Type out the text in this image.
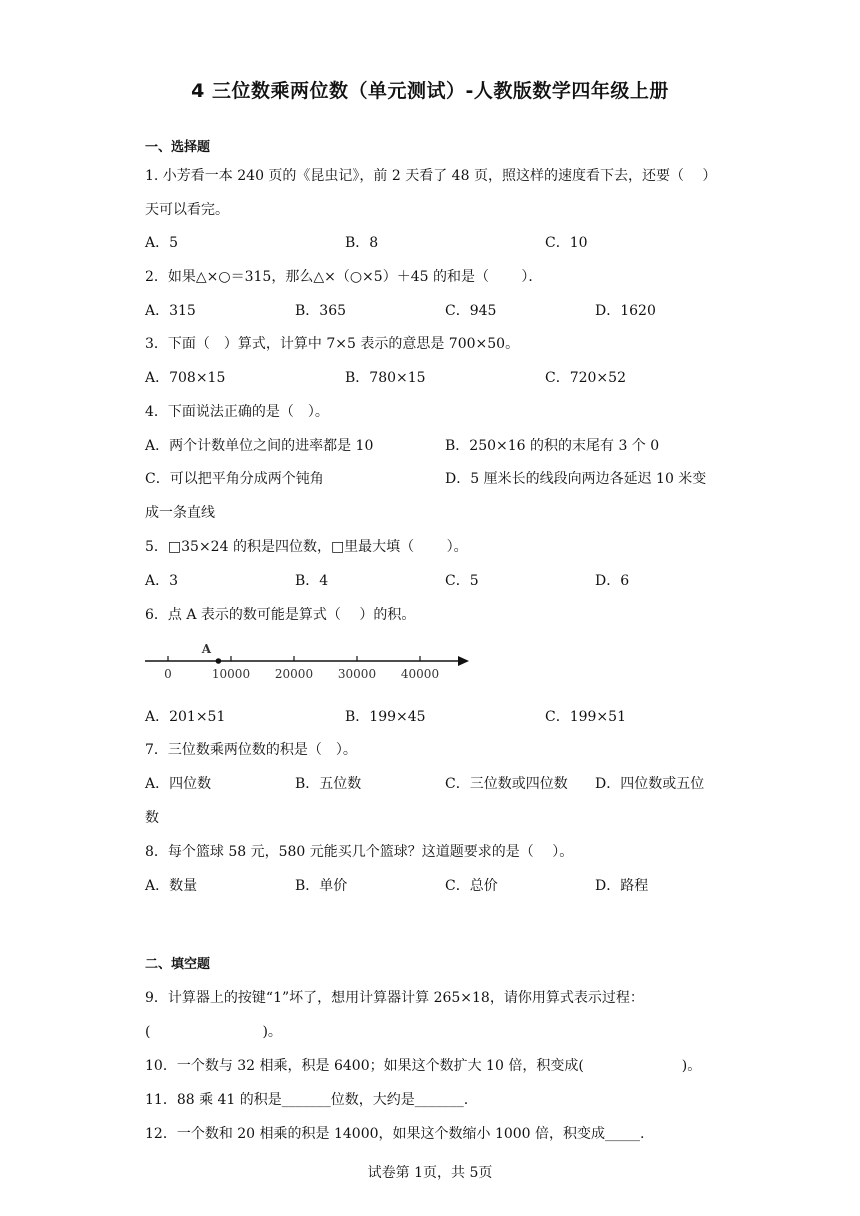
4 三位数乘两位数（单元测试）-人教版数学四年级上册
一、选择题
1. 小芳看一本 240 页的《昆虫记》，前 2 天看了 48 页，照这样的速度看下去，还要（　 ）
天可以看完。
A．5	B．8	C．10
2．如果△×○＝315，那么△×（○×5）＋45 的和是（　　 ）．
A．315	B．365	C．945	D．1620
3．下面（　）算式，计算中 7×5 表示的意思是 700×50。
A．708×15	B．780×15	C．720×52
4．下面说法正确的是（　）。
A．两个计数单位之间的进率都是 10	B．250×16 的积的末尾有 3 个 0
C．可以把平角分成两个钝角	D．5 厘米长的线段向两边各延迟 10 米变
成一条直线
5．□35×24 的积是四位数，□里最大填（　　 ）。
A．3	B．4	C．5	D．6
6．点 A 表示的数可能是算式（　 ）的积。
0	10000 20000 30000 40000
A
A．201×51	B．199×45	C．199×51
7．三位数乘两位数的积是（　）。
A．四位数	B．五位数	C．三位数或四位数 D．四位数或五位
数
8．每个篮球 58 元，580 元能买几个篮球？这道题要求的是（　 ）。
A．数量	B．单价	C．总价	D．路程
二、填空题
9．计算器上的按键“1”坏了，想用计算器计算 265×18，请你用算式表示过程：
(　　　　　　　　)。
10．一个数与 32 相乘，积是 6400；如果这个数扩大 10 倍，积变成(　　　　　　　)。
11．88 乘 41 的积是_______位数，大约是_______.
12．一个数和 20 相乘的积是 14000，如果这个数缩小 1000 倍，积变成_____.
试卷第 1页，共 5页
